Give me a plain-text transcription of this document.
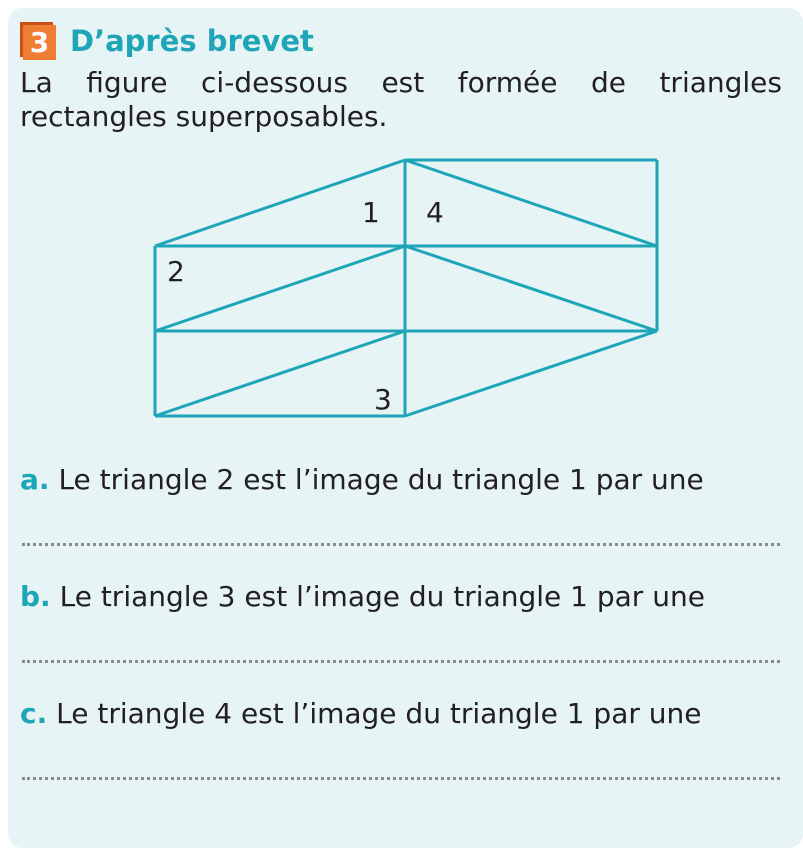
3 D’après brevet
La figure ci-dessous est formée de triangles rectangles superposables.
1 4
2
3
a. Le triangle 2 est l’image du triangle 1 par une
b. Le triangle 3 est l’image du triangle 1 par une
c. Le triangle 4 est l’image du triangle 1 par une
